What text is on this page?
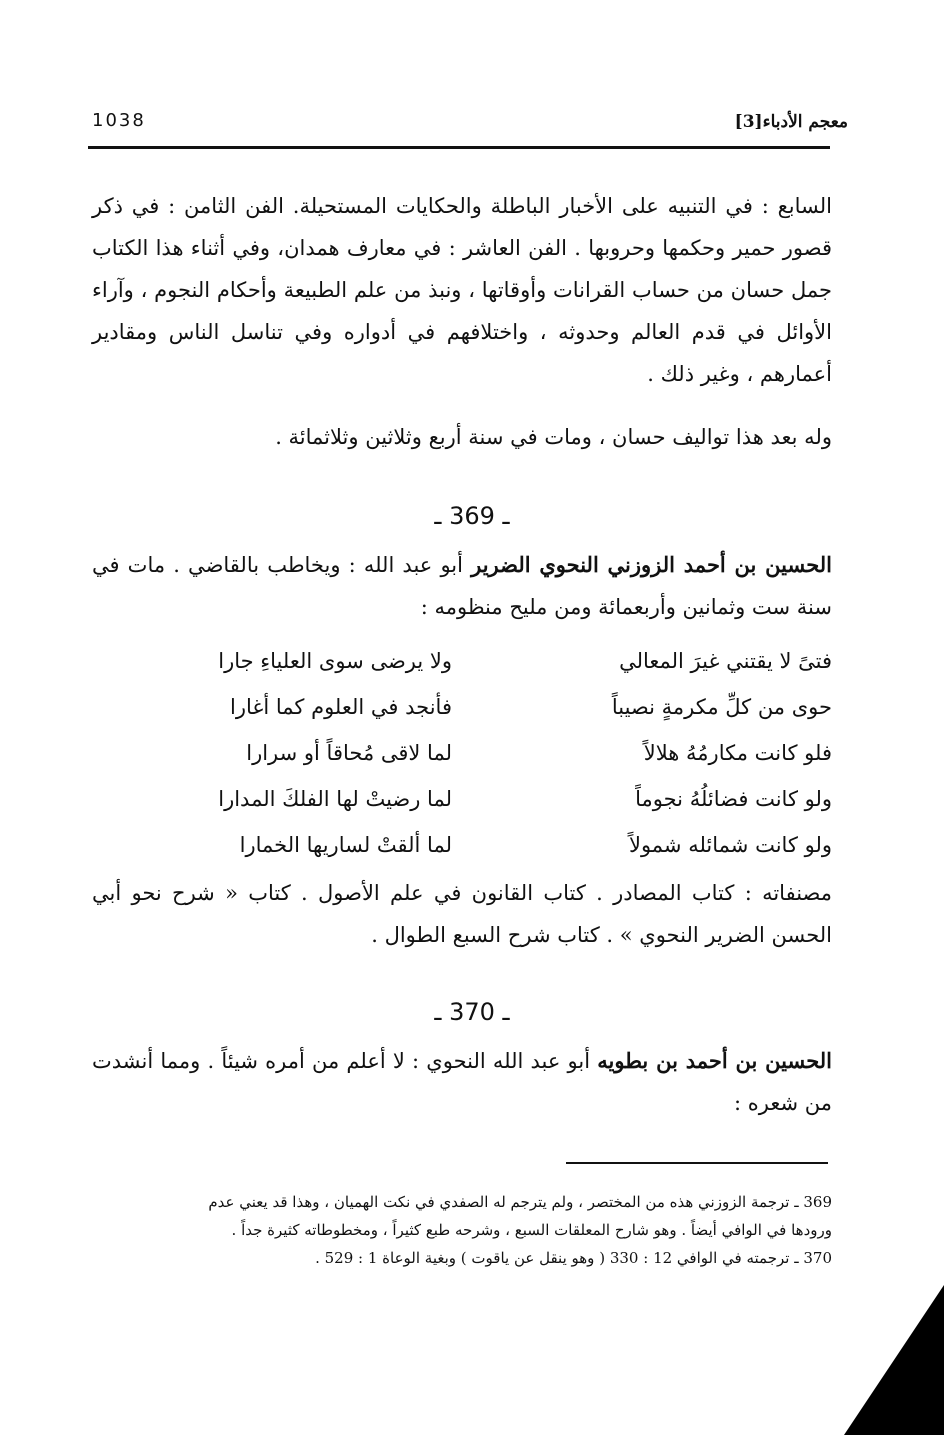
معجم الأدباء[3]
1038
السابع : في التنبيه على الأخبار الباطلة والحكايات المستحيلة. الفن الثامن : في ذكر قصور حمير وحكمها وحروبها . الفن العاشر : في معارف همدان، وفي أثناء هذا الكتاب جمل حسان من حساب القرانات وأوقاتها ، ونبذ من علم الطبيعة وأحكام النجوم ، وآراء الأوائل في قدم العالم وحدوثه ، واختلافهم في أدواره وفي تناسل الناس ومقادير أعمارهم ، وغير ذلك .
وله بعد هذا تواليف حسان ، ومات في سنة أربع وثلاثين وثلاثمائة .
ـ 369 ـ
الحسين بن أحمد الزوزني النحوي الضرير أبو عبد الله : ويخاطب بالقاضي . مات في سنة ست وثمانين وأربعمائة ومن مليح منظومه :
فتىً لا يقتني غيرَ المعالي
ولا يرضى سوى العلياءِ جارا
حوى من كلِّ مكرمةٍ نصيباً
فأنجد في العلوم كما أغارا
فلو كانت مكارمُهُ هلالاً
لما لاقى مُحاقاً أو سرارا
ولو كانت فضائلُهُ نجوماً
لما رضيتْ لها الفلكَ المدارا
ولو كانت شمائله شمولاً
لما ألقتْ لساريها الخمارا
مصنفاته : كتاب المصادر . كتاب القانون في علم الأصول . كتاب « شرح نحو أبي الحسن الضرير النحوي » . كتاب شرح السبع الطوال .
ـ 370 ـ
الحسين بن أحمد بن بطويه أبو عبد الله النحوي : لا أعلم من أمره شيئاً . ومما أنشدت من شعره :
369 ـ ترجمة الزوزني هذه من المختصر ، ولم يترجم له الصفدي في نكت الهميان ، وهذا قد يعني عدم
ورودها في الوافي أيضاً . وهو شارح المعلقات السبع ، وشرحه طبع كثيراً ، ومخطوطاته كثيرة جداً .
370 ـ ترجمته في الوافي 12 : 330 ( وهو ينقل عن ياقوت ) وبغية الوعاة 1 : 529 .
